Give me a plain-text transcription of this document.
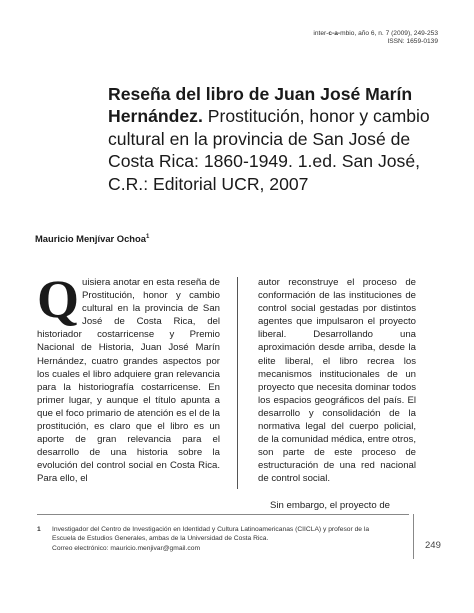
inter-c-a-mbio, año 6, n. 7 (2009), 249-253
ISSN: 1659-0139
Reseña del libro de Juan José Marín Hernández. Prostitución, honor y cambio cultural en la provincia de San José de Costa Rica: 1860-1949. 1.ed. San José, C.R.: Editorial UCR, 2007
Mauricio Menjívar Ochoa$^1$
Q uisiera anotar en esta reseña de Prostitución, honor y cambio cultural en la provincia de San José de Costa Rica, del historiador costarricense y Premio Nacional de Historia, Juan José Marín Hernández, cuatro grandes aspectos por los cuales el libro adquiere gran relevancia para la historiografía costarricense. En primer lugar, y aunque el título apunta a que el foco primario de atención es el de la prostitución, es claro que el libro es un aporte de gran relevancia para el desarrollo de una historia sobre la evolución del control social en Costa Rica. Para ello, el

autor reconstruye el proceso de conformación de las instituciones de control social gestadas por distintos agentes que impulsaron el proyecto liberal. Desarrollando una aproximación desde arriba, desde la elite liberal, el libro recrea los mecanismos institucionales de un proyecto que necesita dominar todos los espacios geográficos del país. El desarrollo y consolidación de la normativa legal del cuerpo policial, de la comunidad médica, entre otros, son parte de este proceso de estructuración de una red nacional de control social.

Sin embargo, el proyecto de

1 Investigador del Centro de Investigación en Identidad y Cultura Latinoamericanas (CIICLA) y profesor de la Escuela de Estudios Generales, ambas de la Universidad de Costa Rica.
Correo electrónico: mauricio.menjivar@gmail.com	249
